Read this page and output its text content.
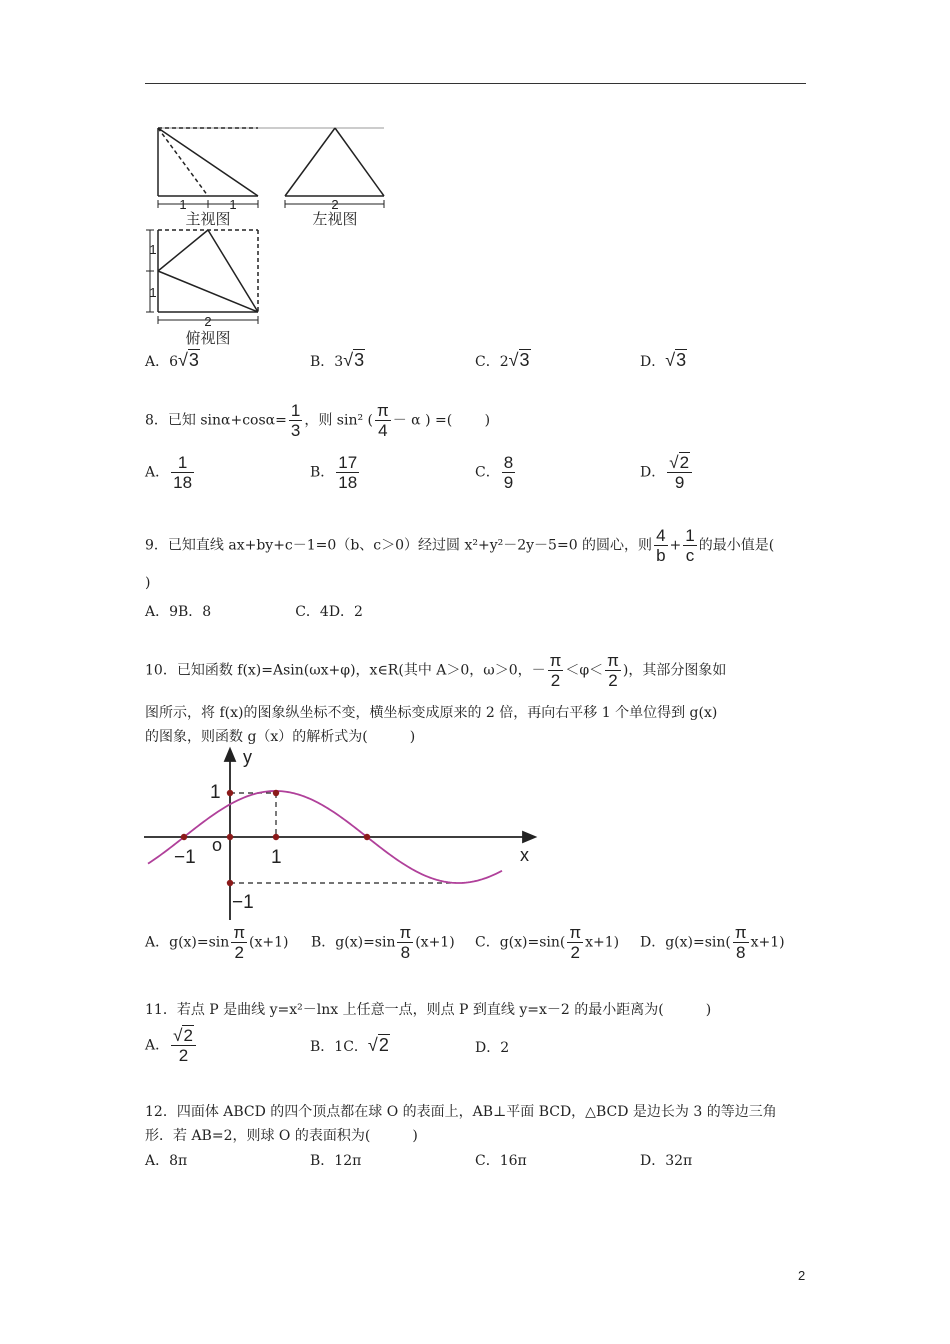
1	1	2
主视图	左视图
1
1
2
俯视图
A．6√3	B．3√3	C．2√3	D．√3
8．已知 $\sin\alpha+\cos\alpha= \frac{1}{3}$ ，则 sin² ( $\frac{\pi}{4} - \alpha$ ) =(　　 )
A． $\frac{1}{18}$	B． $\frac{17}{18}$	C． $\frac{8}{9}$	D． $\frac{√2}{9}$
9．已知直线 ax+by+c－1=0（b、c＞0）经过圆 x²+y²－2y－5=0 的圆心，则 $\frac{4}{b} + \frac{1}{c}$ 的最小值是(
)
A．9B．8　　　　　　C．4D．2
10．已知函数 f(x)=Asin(ωx+φ)，x∈R(其中 A＞0，ω＞0，－ $\frac{\pi}{2} <\varphi< \frac{\pi}{2}$ )，其部分图象如
图所示，将 f(x)的图象纵坐标不变，横坐标变成原来的 2 倍，再向右平移 1 个单位得到 g(x)
的图象，则函数 g（x）的解析式为(　　　)
y
x
o
1
−1
−1	1
A．$g(x)=\sin \frac{\pi}{2} (x+1)$ B．$g(x)=\sin \frac{\pi}{8} (x+1)$ C．$g(x)=\sin( \frac{\pi}{2} x+1)$ D．$g(x)=\sin( \frac{\pi}{8} x+1)$
11．若点 P 是曲线 y=x²－lnx 上任意一点，则点 P 到直线 y=x－2 的最小距离为(　　　)
A． $\frac{√2}{2}$	B．1C．√2	D．2
12．四面体 ABCD 的四个顶点都在球 O 的表面上，AB⊥平面 BCD，△BCD 是边长为 3 的等边三角
形．若 AB=2，则球 O 的表面积为(　　　)
A．8π	B．12π	C．16π	D．32π
2
